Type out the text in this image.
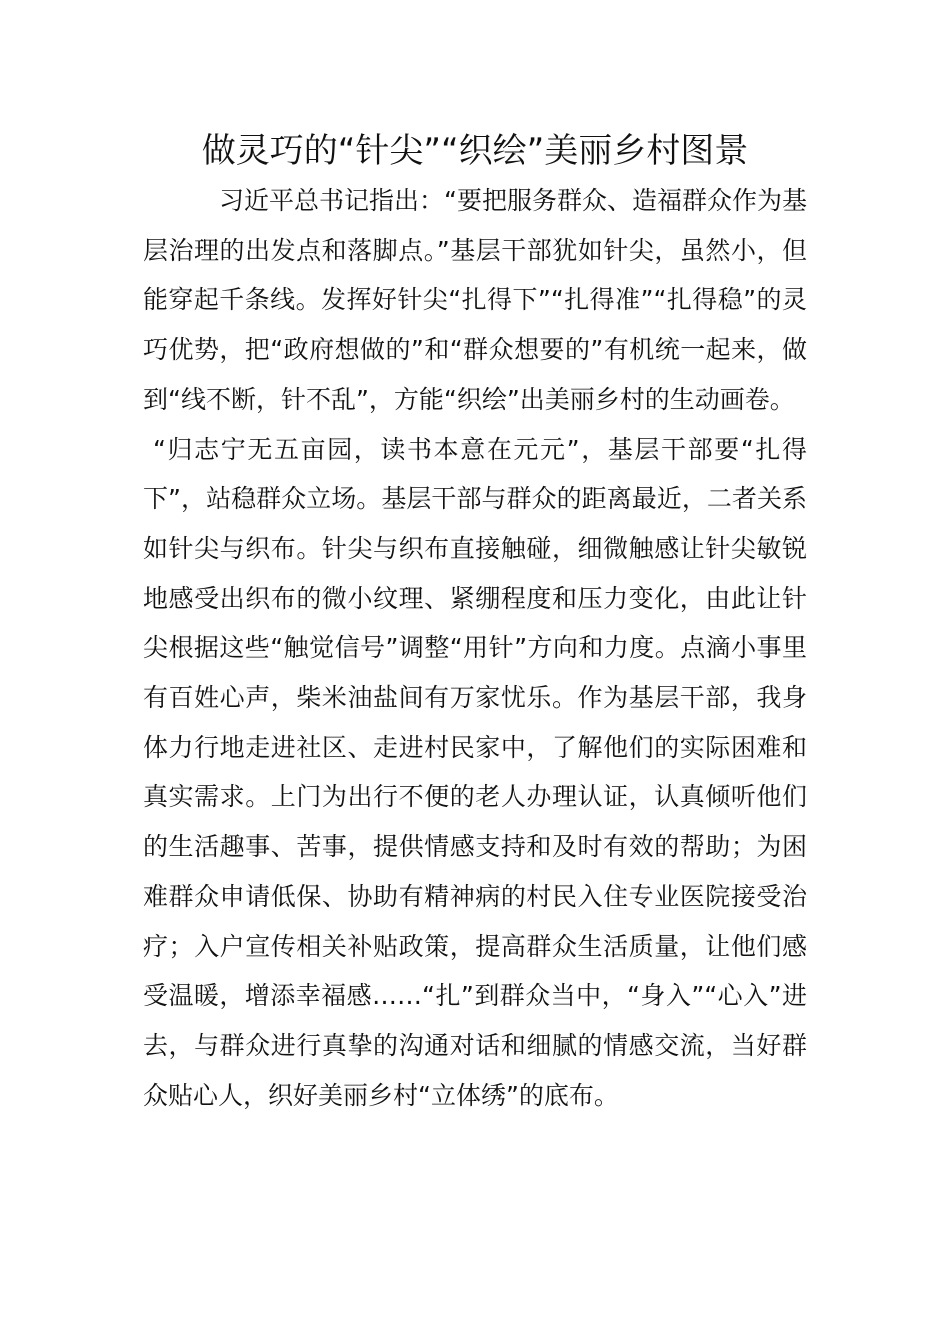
做灵巧的“针尖”“织绘”美丽乡村图景

习近平总书记指出：“要把服务群众、造福群众作为基层治理的出发点和落脚点。”基层干部犹如针尖，虽然小，但能穿起千条线。发挥好针尖“扎得下”“扎得准”“扎得稳”的灵巧优势，把“政府想做的”和“群众想要的”有机统一起来，做到“线不断，针不乱”，方能“织绘”出美丽乡村的生动画卷。

“归志宁无五亩园，读书本意在元元”，基层干部要“扎得下”，站稳群众立场。基层干部与群众的距离最近，二者关系如针尖与织布。针尖与织布直接触碰，细微触感让针尖敏锐地感受出织布的微小纹理、紧绷程度和压力变化，由此让针尖根据这些“触觉信号”调整“用针”方向和力度。点滴小事里有百姓心声，柴米油盐间有万家忧乐。作为基层干部，我身体力行地走进社区、走进村民家中，了解他们的实际困难和真实需求。上门为出行不便的老人办理认证，认真倾听他们的生活趣事、苦事，提供情感支持和及时有效的帮助；为困难群众申请低保、协助有精神病的村民入住专业医院接受治疗；入户宣传相关补贴政策，提高群众生活质量，让他们感受温暖，增添幸福感……“扎”到群众当中，“身入”“心入”进去，与群众进行真挚的沟通对话和细腻的情感交流，当好群众贴心人，织好美丽乡村“立体绣”的底布。
